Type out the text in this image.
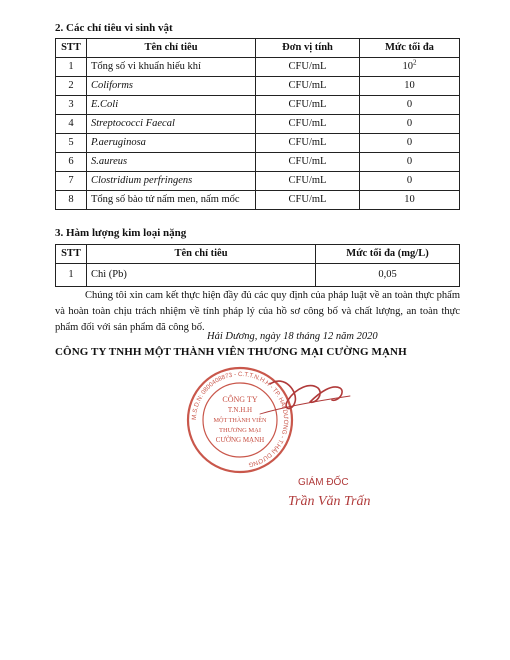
2. Các chỉ tiêu vi sinh vật
STT	Tên chỉ tiêu	Đơn vị tính	Mức tối đa
1	Tổng số vi khuẩn hiếu khí	CFU/mL	$10^2$
2	Coliforms	CFU/mL	10
3	E.Coli	CFU/mL	0
4	Streptococci Faecal	CFU/mL	0
5	P.aeruginosa	CFU/mL	0
6	S.aureus	CFU/mL	0
7	Clostridium perfringens	CFU/mL	0
8	Tổng số bào tử nấm men, nấm mốc	CFU/mL	10
3. Hàm lượng kim loại nặng
STT	Tên chỉ tiêu	Mức tối đa (mg/L)
1	Chì (Pb)	0,05
Chúng tôi xin cam kết thực hiện đầy đủ các quy định của pháp luật về an toàn thực phẩm và hoàn toàn chịu trách nhiệm về tính pháp lý của hồ sơ công bố và chất lượng, an toàn thực phẩm đối với sản phẩm đã công bố.
Hải Dương, ngày 18 tháng 12 năm 2020
CÔNG TY TNHH MỘT THÀNH VIÊN THƯƠNG MẠI CƯỜNG MẠNH
M.S.D.N: 0800408873 - C.T.T.N.H.H - TP. HẢI DƯƠNG - T.HẢI DƯƠNG
CÔNG TY
T.N.H.H
MỘT THÀNH VIÊN
THƯƠNG MẠI
CƯỜNG MẠNH
GIÁM ĐỐC
Trần Văn Trấn
